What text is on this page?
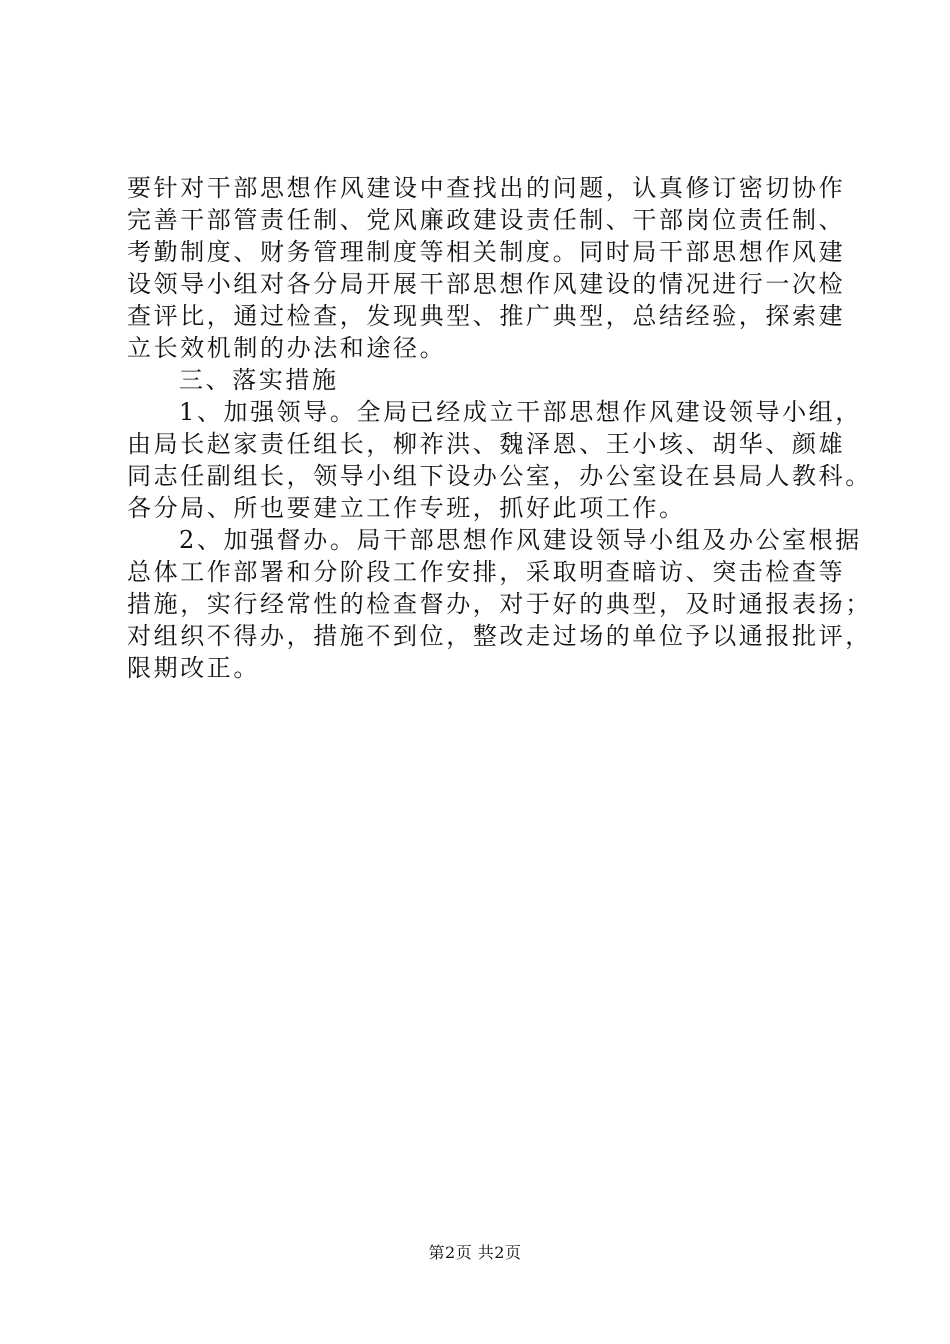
要针对干部思想作风建设中查找出的问题，认真修订密切协作

完善干部管责任制、党风廉政建设责任制、干部岗位责任制、

考勤制度、财务管理制度等相关制度。同时局干部思想作风建

设领导小组对各分局开展干部思想作风建设的情况进行一次检

查评比，通过检查，发现典型、推广典型，总结经验，探索建

立长效机制的办法和途径。

三、落实措施

1、加强领导。全局已经成立干部思想作风建设领导小组，

由局长赵家责任组长，柳祚洪、魏泽恩、王小垓、胡华、颜雄

同志任副组长，领导小组下设办公室，办公室设在县局人教科。

各分局、所也要建立工作专班，抓好此项工作。

2、加强督办。局干部思想作风建设领导小组及办公室根据

总体工作部署和分阶段工作安排，采取明查暗访、突击检查等

措施，实行经常性的检查督办，对于好的典型，及时通报表扬；

对组织不得办，措施不到位，整改走过场的单位予以通报批评，

限期改正。

第2页 共2页
